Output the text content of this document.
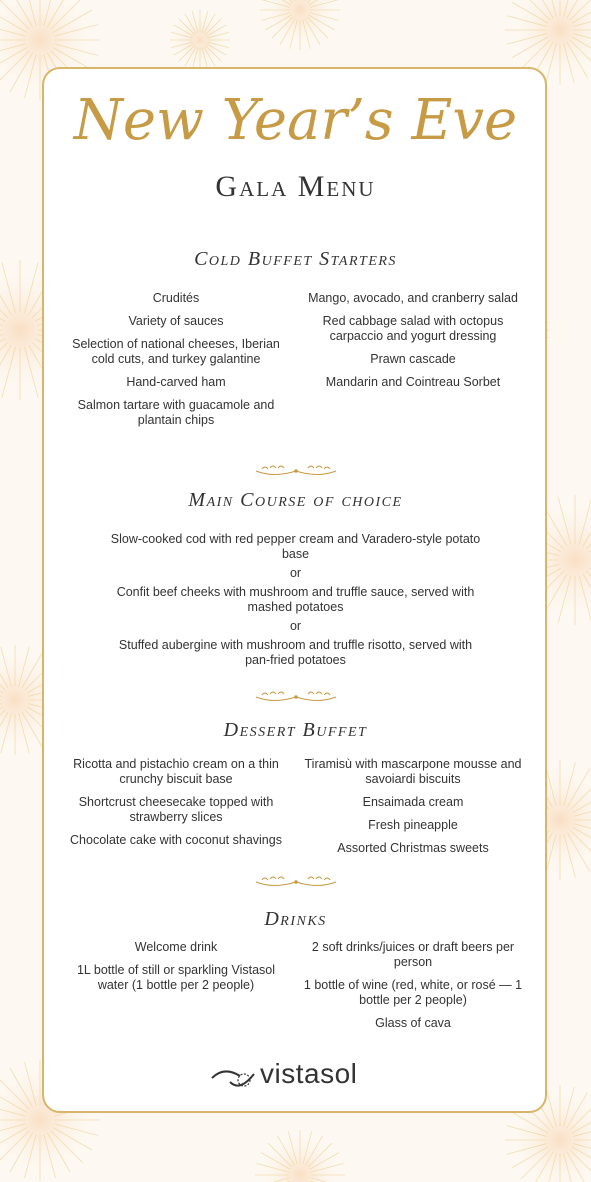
New Year’s Eve
Gala Menu
Cold Buffet Starters
Crudités
Variety of sauces
Selection of national cheeses, Iberian cold cuts, and turkey galantine
Hand-carved ham
Salmon tartare with guacamole and plantain chips
Mango, avocado, and cranberry salad
Red cabbage salad with octopus carpaccio and yogurt dressing
Prawn cascade
Mandarin and Cointreau Sorbet
Main Course of choice
Slow-cooked cod with red pepper cream and Varadero-style potato base
or
Confit beef cheeks with mushroom and truffle sauce, served with mashed potatoes
or
Stuffed aubergine with mushroom and truffle risotto, served with pan-fried potatoes
Dessert Buffet
Ricotta and pistachio cream on a thin crunchy biscuit base
Shortcrust cheesecake topped with strawberry slices
Chocolate cake with coconut shavings
Tiramisù with mascarpone mousse and savoiardi biscuits
Ensaimada cream
Fresh pineapple
Assorted Christmas sweets
Drinks
Welcome drink
1L bottle of still or sparkling Vistasol water (1 bottle per 2 people)
2 soft drinks/juices or draft beers per person
1 bottle of wine (red, white, or rosé — 1 bottle per 2 people)
Glass of cava
vistasol
